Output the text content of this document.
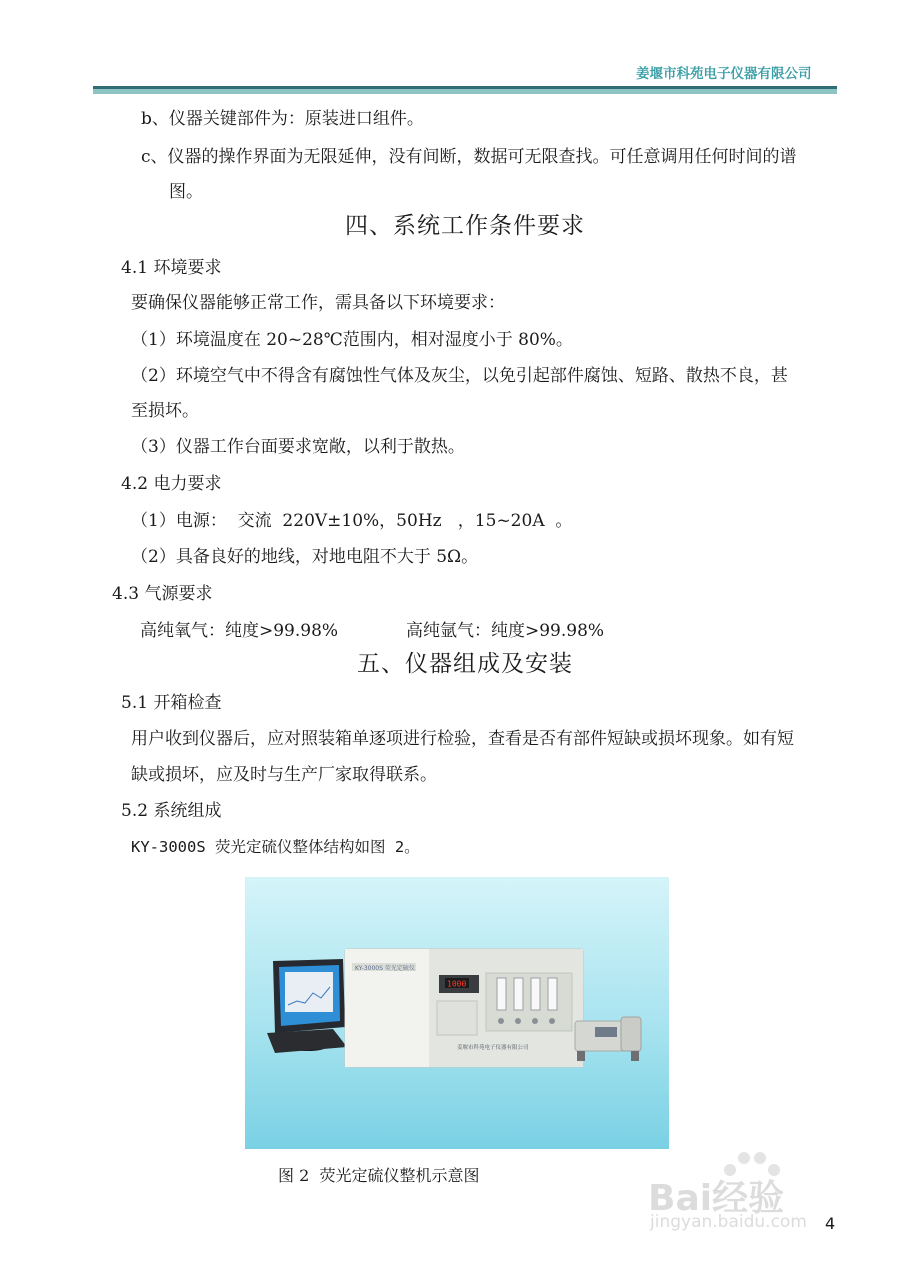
姜堰市科苑电子仪器有限公司
b、仪器关键部件为：原装进口组件。
c、仪器的操作界面为无限延伸，没有间断，数据可无限查找。可任意调用任何时间的谱
图。
四、系统工作条件要求
4.1 环境要求
要确保仪器能够正常工作，需具备以下环境要求：
（1）环境温度在 20~28℃范围内，相对湿度小于 80%。
（2）环境空气中不得含有腐蚀性气体及灰尘，以免引起部件腐蚀、短路、散热不良，甚
至损坏。
（3）仪器工作台面要求宽敞，以利于散热。
4.2 电力要求
（1）电源：  交流  220V±10%，50Hz   ，15~20A  。
（2）具备良好的地线，对地电阻不大于 5Ω。
4.3 气源要求
高纯氧气：纯度>99.98%	高纯氩气：纯度>99.98%
五、仪器组成及安装
5.1 开箱检查
用户收到仪器后，应对照装箱单逐项进行检验，查看是否有部件短缺或损坏现象。如有短
缺或损坏，应及时与生产厂家取得联系。
5.2 系统组成
KY-3000S 荧光定硫仪整体结构如图 2。
KY-3000S 荧光定硫仪
1000
姜堰市科苑电子仪器有限公司
图 2  荧光定硫仪整机示意图
4
Bai经验
jingyan.baidu.com
